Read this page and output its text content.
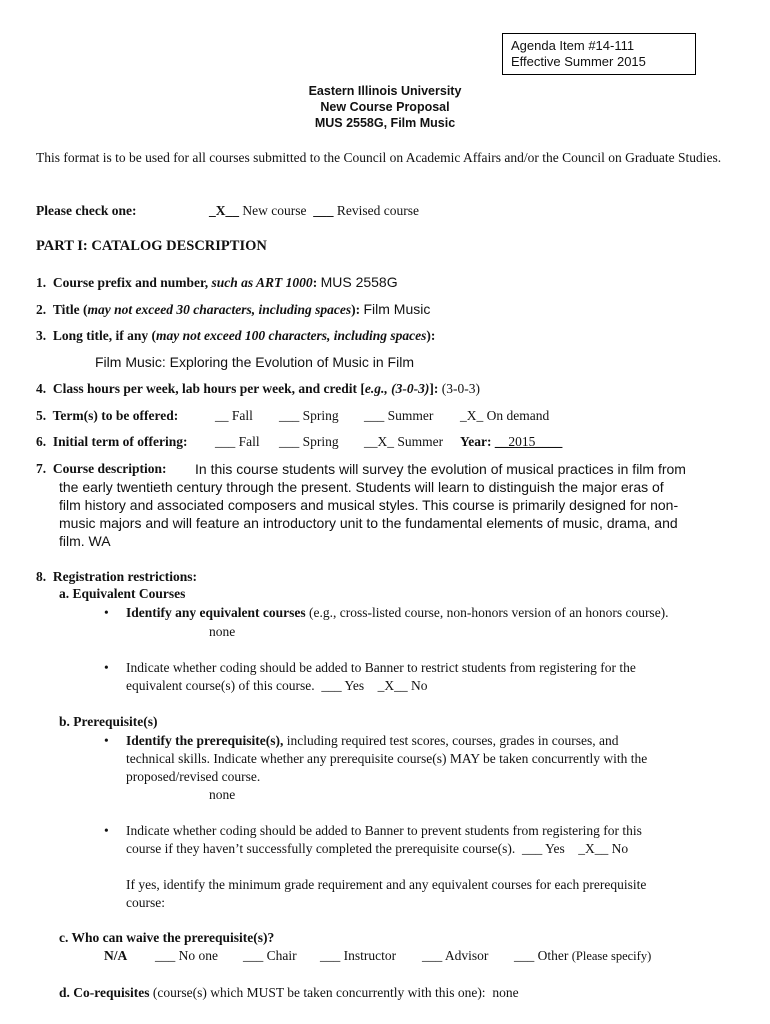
Agenda Item #14-111
Effective Summer 2015
Eastern Illinois University
New Course Proposal
MUS 2558G, Film Music
This format is to be used for all courses submitted to the Council on Academic Affairs and/or the Council on Graduate Studies.
Please check one:	_X__ New course ___ Revised course
PART I: CATALOG DESCRIPTION
1. Course prefix and number, such as ART 1000: MUS 2558G
2. Title (may not exceed 30 characters, including spaces): Film Music
3. Long title, if any (may not exceed 100 characters, including spaces):
Film Music: Exploring the Evolution of Music in Film
4. Class hours per week, lab hours per week, and credit [e.g., (3-0-3)]: (3-0-3)
5. Term(s) to be offered:	__ Fall ___ Spring ___ Summer _X_ On demand
6. Initial term of offering: ___ Fall ___ Spring __X_ Summer Year: __2015____
7. Course description: In this course students will survey the evolution of musical practices in film from
the early twentieth century through the present. Students will learn to distinguish the major eras of
film history and associated composers and musical styles. This course is primarily designed for non-
music majors and will feature an introductory unit to the fundamental elements of music, drama, and
film. WA
8. Registration restrictions:
a. Equivalent Courses
• Identify any equivalent courses (e.g., cross-listed course, non-honors version of an honors course).
none
• Indicate whether coding should be added to Banner to restrict students from registering for the
equivalent course(s) of this course. ___ Yes _X__ No
b. Prerequisite(s)
• Identify the prerequisite(s), including required test scores, courses, grades in courses, and
technical skills. Indicate whether any prerequisite course(s) MAY be taken concurrently with the
proposed/revised course.
none
• Indicate whether coding should be added to Banner to prevent students from registering for this
course if they haven’t successfully completed the prerequisite course(s). ___ Yes _X__ No
If yes, identify the minimum grade requirement and any equivalent courses for each prerequisite
course:
c. Who can waive the prerequisite(s)?
N/A ___ No one ___ Chair ___ Instructor ___ Advisor ___ Other (Please specify)
d. Co-requisites (course(s) which MUST be taken concurrently with this one): none
